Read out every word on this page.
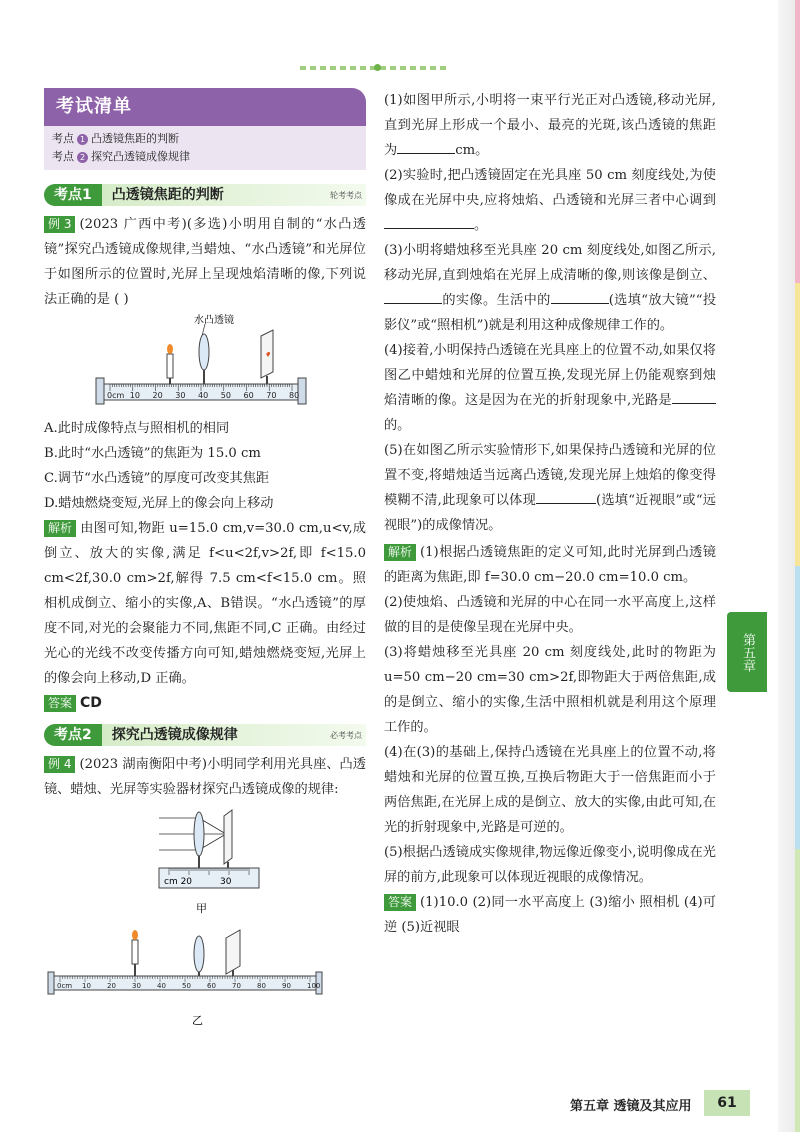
考试清单
考点 1 凸透镜焦距的判断
考点 2 探究凸透镜成像规律
考点1	凸透镜焦距的判断	轮考考点

例 3 (2023 广西中考)(多选)小明用自制的“水凸透镜”探究凸透镜成像规律,当蜡烛、“水凸透镜”和光屏位于如图所示的位置时,光屏上呈现烛焰清晰的像,下列说法正确的是 ( )

水凸透镜
0cm 10 20 30 40 50 60 70 80

A.此时成像特点与照相机的相同

B.此时“水凸透镜”的焦距为 15.0 cm

C.调节“水凸透镜”的厚度可改变其焦距

D.蜡烛燃烧变短,光屏上的像会向上移动

解析 由图可知,物距 u=15.0 cm,v=30.0 cm,u<v,成倒立、放大的实像,满足 f<u<2f,v>2f,即 f<15.0 cm<2f,30.0 cm>2f,解得 7.5 cm<f<15.0 cm。照相机成倒立、缩小的实像,A、B错误。“水凸透镜”的厚度不同,对光的会聚能力不同,焦距不同,C 正确。由经过光心的光线不改变传播方向可知,蜡烛燃烧变短,光屏上的像会向上移动,D 正确。

答案 CD

考点2	探究凸透镜成像规律	必考考点

例 4 (2023 湖南衡阳中考)小明同学利用光具座、凸透镜、蜡烛、光屏等实验器材探究凸透镜成像的规律:

cm 20	30
甲
0cm 10 20 30 40 50 60 70 80 90 100
乙

(1)如图甲所示,小明将一束平行光正对凸透镜,移动光屏,直到光屏上形成一个最小、最亮的光斑,该凸透镜的焦距为	cm。

(2)实验时,把凸透镜固定在光具座 50 cm 刻度线处,为使像成在光屏中央,应将烛焰、凸透镜和光屏三者中心调到。

(3)小明将蜡烛移至光具座 20 cm 刻度线处,如图乙所示,移动光屏,直到烛焰在光屏上成清晰的像,则该像是倒立、的实像。生活中的	(选填“放大镜”“投影仪”或“照相机”)就是利用这种成像规律工作的。

(4)接着,小明保持凸透镜在光具座上的位置不动,如果仅将图乙中蜡烛和光屏的位置互换,发现光屏上仍能观察到烛焰清晰的像。这是因为在光的折射现象中,光路是的。

(5)在如图乙所示实验情形下,如果保持凸透镜和光屏的位置不变,将蜡烛适当远离凸透镜,发现光屏上烛焰的像变得模糊不清,此现象可以体现	(选填“近视眼”或“远视眼”)的成像情况。

解析 (1)根据凸透镜焦距的定义可知,此时光屏到凸透镜的距离为焦距,即 f=30.0 cm−20.0 cm=10.0 cm。

(2)使烛焰、凸透镜和光屏的中心在同一水平高度上,这样做的目的是使像呈现在光屏中央。

(3)将蜡烛移至光具座 20 cm 刻度线处,此时的物距为 u=50 cm−20 cm=30 cm>2f,即物距大于两倍焦距,成的是倒立、缩小的实像,生活中照相机就是利用这个原理工作的。

(4)在(3)的基础上,保持凸透镜在光具座上的位置不动,将蜡烛和光屏的位置互换,互换后物距大于一倍焦距而小于两倍焦距,在光屏上成的是倒立、放大的实像,由此可知,在光的折射现象中,光路是可逆的。

(5)根据凸透镜成实像规律,物远像近像变小,说明像成在光屏的前方,此现象可以体现近视眼的成像情况。

答案 (1)10.0 (2)同一水平高度上 (3)缩小 照相机 (4)可逆 (5)近视眼

第五章
第五章 透镜及其应用	61
